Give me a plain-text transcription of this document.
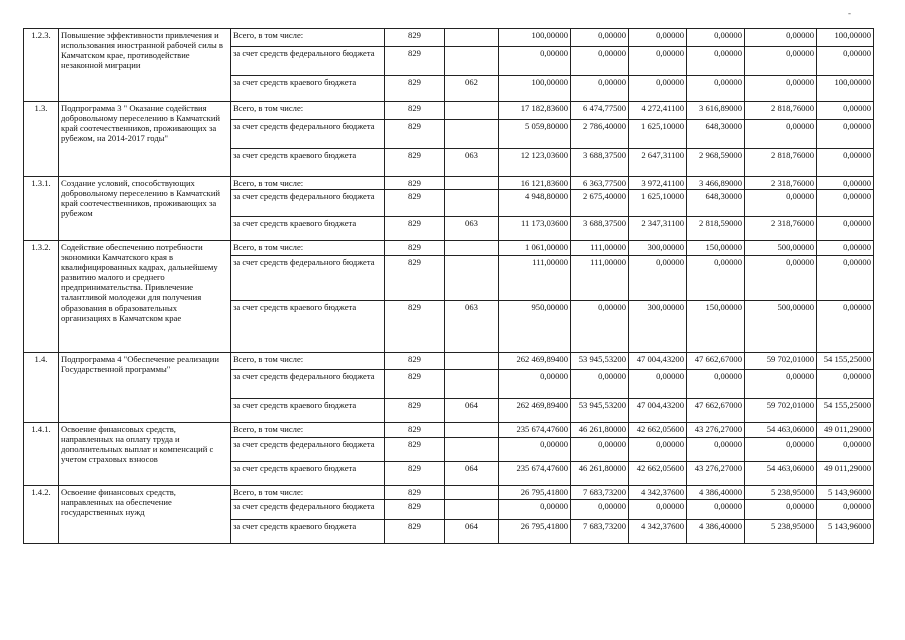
-
1.2.3.	Повышение эффективности привлечения и использования иностранной рабочей силы в Камчатском крае, противодействие незаконной миграции	Всего, в том числе:	829		100,00000	0,00000	0,00000	0,00000	0,00000	100,00000
		за счет средств федерального бюджета	829		0,00000	0,00000	0,00000	0,00000	0,00000	0,00000
		за счет средств краевого бюджета	829	062	100,00000	0,00000	0,00000	0,00000	0,00000	100,00000
1.3.	Подпрограмма 3 " Оказание содействия добровольному переселению в Камчатский край соотечественников, проживающих за рубежом, на 2014-2017 годы"	Всего, в том числе:	829		17 182,83600	6 474,77500	4 272,41100	3 616,89000	2 818,76000	0,00000
		за счет средств федерального бюджета	829		5 059,80000	2 786,40000	1 625,10000	648,30000	0,00000	0,00000
		за счет средств краевого бюджета	829	063	12 123,03600	3 688,37500	2 647,31100	2 968,59000	2 818,76000	0,00000
1.3.1.	Создание условий, способствующих добровольному переселению в Камчатский край соотечественников, проживающих за рубежом	Всего, в том числе:	829		16 121,83600	6 363,77500	3 972,41100	3 466,89000	2 318,76000	0,00000
		за счет средств федерального бюджета	829		4 948,80000	2 675,40000	1 625,10000	648,30000	0,00000	0,00000
		за счет средств краевого бюджета	829	063	11 173,03600	3 688,37500	2 347,31100	2 818,59000	2 318,76000	0,00000
1.3.2.	Содействие обеспечению потребности экономики Камчатского края в квалифицированных кадрах, дальнейшему развитию малого и среднего предпринимательства. Привлечение талантливой молодежи для получения образования в образовательных организациях в Камчатском крае	Всего, в том числе:	829		1 061,00000	111,00000	300,00000	150,00000	500,00000	0,00000
		за счет средств федерального бюджета	829		111,00000	111,00000	0,00000	0,00000	0,00000	0,00000
		за счет средств краевого бюджета	829	063	950,00000	0,00000	300,00000	150,00000	500,00000	0,00000
1.4.	Подпрограмма 4 "Обеспечение реализации Государственной программы"	Всего, в том числе:	829		262 469,89400	53 945,53200	47 004,43200	47 662,67000	59 702,01000	54 155,25000
		за счет средств федерального бюджета	829		0,00000	0,00000	0,00000	0,00000	0,00000	0,00000
		за счет средств краевого бюджета	829	064	262 469,89400	53 945,53200	47 004,43200	47 662,67000	59 702,01000	54 155,25000
1.4.1.	Освоение финансовых средств, направленных на оплату труда и дополнительных выплат и компенсаций с учетом страховых взносов	Всего, в том числе:	829		235 674,47600	46 261,80000	42 662,05600	43 276,27000	54 463,06000	49 011,29000
		за счет средств федерального бюджета	829		0,00000	0,00000	0,00000	0,00000	0,00000	0,00000
		за счет средств краевого бюджета	829	064	235 674,47600	46 261,80000	42 662,05600	43 276,27000	54 463,06000	49 011,29000
1.4.2.	Освоение финансовых средств, направленных на обеспечение государственных нужд	Всего, в том числе:	829		26 795,41800	7 683,73200	4 342,37600	4 386,40000	5 238,95000	5 143,96000
		за счет средств федерального бюджета	829		0,00000	0,00000	0,00000	0,00000	0,00000	0,00000
		за счет средств краевого бюджета	829	064	26 795,41800	7 683,73200	4 342,37600	4 386,40000	5 238,95000	5 143,96000
